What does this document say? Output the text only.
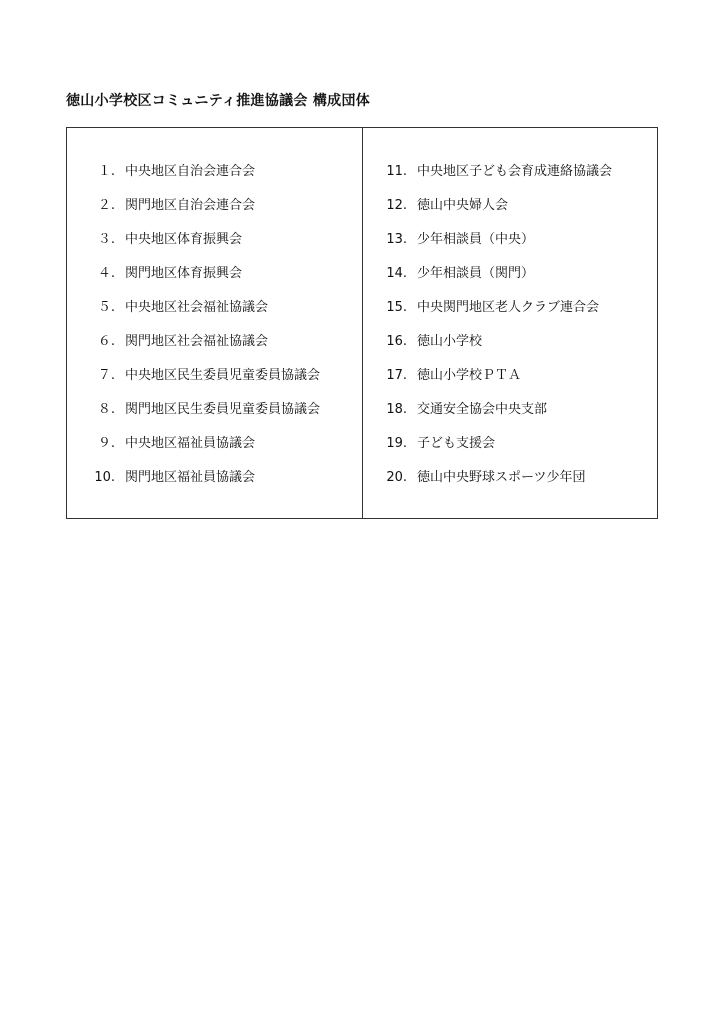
徳山小学校区コミュニティ推進協議会 構成団体
１. 中央地区自治会連合会
２. 関門地区自治会連合会
３. 中央地区体育振興会
４. 関門地区体育振興会
５. 中央地区社会福祉協議会
６. 関門地区社会福祉協議会
７. 中央地区民生委員児童委員協議会
８. 関門地区民生委員児童委員協議会
９. 中央地区福祉員協議会
10. 関門地区福祉員協議会
11. 中央地区子ども会育成連絡協議会
12. 徳山中央婦人会
13. 少年相談員（中央）
14. 少年相談員（関門）
15. 中央関門地区老人クラブ連合会
16. 徳山小学校
17. 徳山小学校ＰＴＡ
18. 交通安全協会中央支部
19. 子ども支援会
20. 徳山中央野球スポーツ少年団
